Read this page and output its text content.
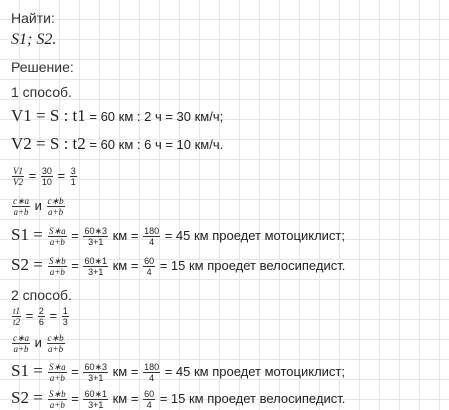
Найти:
S1; S2.
Решение:
1 способ.
V1 = S : t1 = 60 км : 2 ч = 30 км/ч;
V2 = S : t2 = 60 км : 6 ч = 10 км/ч.
$\frac{V1}{V2} = \frac{30}{10} = \frac{3}{1}$
$\frac{c∗a}{a+b}$ и $\frac{c∗b}{a+b}$
$S1 = \frac{S∗a}{a+b} = \frac{60∗3}{3+1}$ км = $\frac{180}{4} = 45$ км проедет мотоциклист;
$S2 = \frac{S∗b}{a+b} = \frac{60∗1}{3+1}$ км = $\frac{60}{4} = 15$ км проедет велосипедист.
2 способ.
$\frac{t1}{t2} = \frac{2}{6} = \frac{1}{3}$
$\frac{c∗a}{a+b}$ и $\frac{c∗b}{a+b}$
$S1 = \frac{S∗a}{a+b} = \frac{60∗3}{3+1}$ км = $\frac{180}{4} = 45$ км проедет мотоциклист;
$S2 = \frac{S∗b}{a+b} = \frac{60∗1}{3+1}$ км = $\frac{60}{4} = 15$ км проедет велосипедист.
